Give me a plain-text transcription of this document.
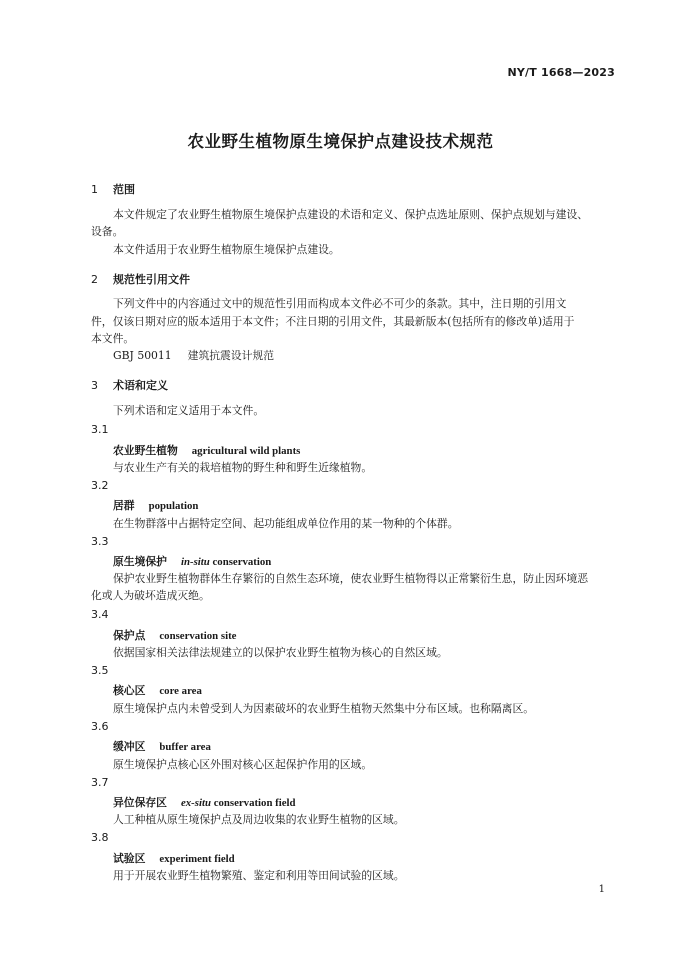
NY/T 1668—2023
农业野生植物原生境保护点建设技术规范
1 范围
本文件规定了农业野生植物原生境保护点建设的术语和定义、保护点选址原则、保护点规划与建设、
设备。
本文件适用于农业野生植物原生境保护点建设。
2 规范性引用文件
下列文件中的内容通过文中的规范性引用而构成本文件必不可少的条款。其中，注日期的引用文
件，仅该日期对应的版本适用于本文件；不注日期的引用文件，其最新版本(包括所有的修改单)适用于
本文件。
GBJ 50011 建筑抗震设计规范
3 术语和定义
下列术语和定义适用于本文件。
3.1
农业野生植物 agricultural wild plants
与农业生产有关的栽培植物的野生种和野生近缘植物。
3.2
居群 population
在生物群落中占据特定空间、起功能组成单位作用的某一物种的个体群。
3.3
原生境保护 in-situ conservation
保护农业野生植物群体生存繁衍的自然生态环境，使农业野生植物得以正常繁衍生息，防止因环境恶
化或人为破坏造成灭绝。
3.4
保护点 conservation site
依据国家相关法律法规建立的以保护农业野生植物为核心的自然区域。
3.5
核心区 core area
原生境保护点内未曾受到人为因素破坏的农业野生植物天然集中分布区域。也称隔离区。
3.6
缓冲区 buffer area
原生境保护点核心区外围对核心区起保护作用的区域。
3.7
异位保存区 ex-situ conservation field
人工种植从原生境保护点及周边收集的农业野生植物的区域。
3.8
试验区 experiment field
用于开展农业野生植物繁殖、鉴定和利用等田间试验的区域。
1
